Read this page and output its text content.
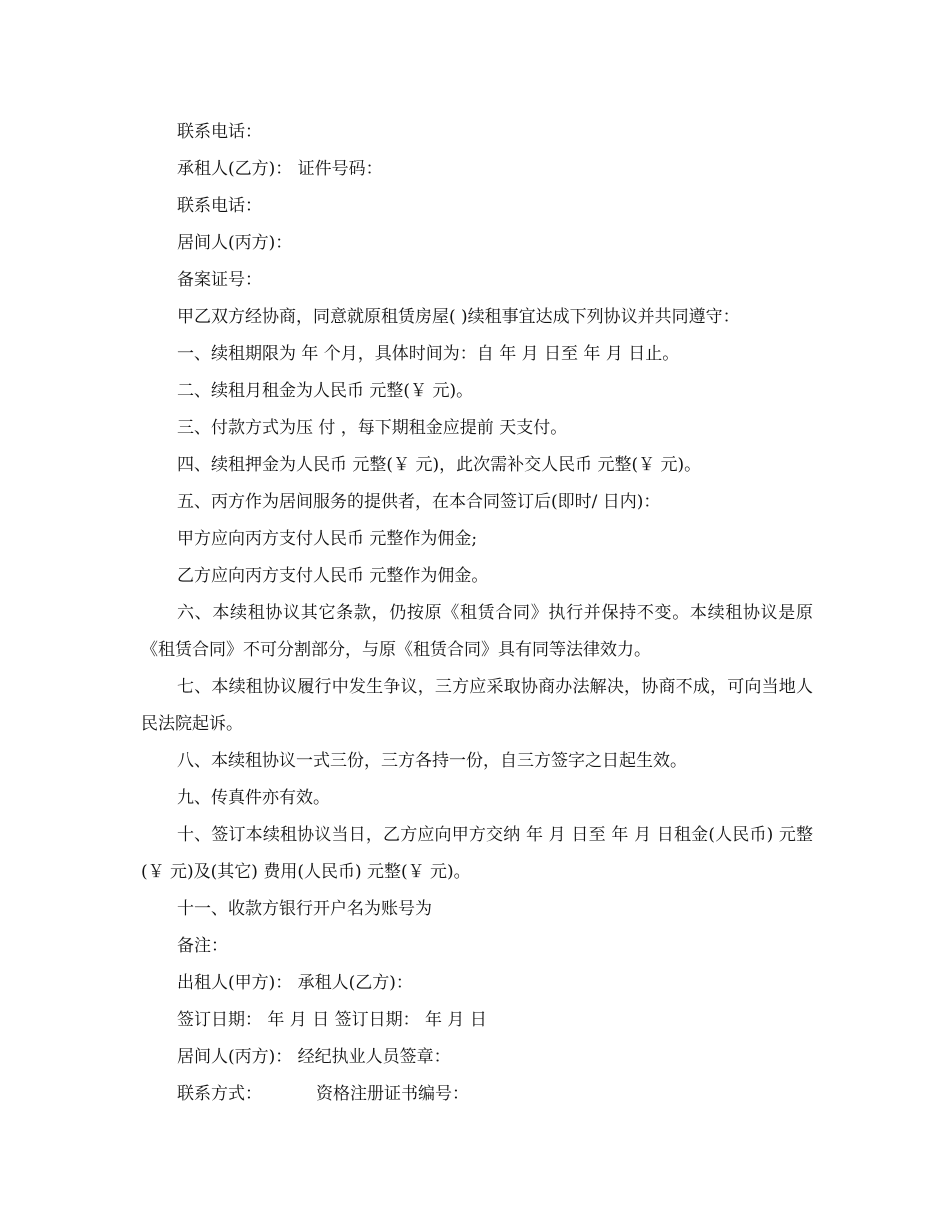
联系电话：

承租人(乙方)： 证件号码：

联系电话：

居间人(丙方)：

备案证号：

甲乙双方经协商，同意就原租赁房屋( )续租事宜达成下列协议并共同遵守：

一、续租期限为 年 个月，具体时间为：自 年 月 日至 年 月 日止。

二、续租月租金为人民币 元整(￥ 元)。

三、付款方式为压 付 ，每下期租金应提前 天支付。

四、续租押金为人民币 元整(￥ 元)，此次需补交人民币 元整(￥ 元)。

五、丙方作为居间服务的提供者，在本合同签订后(即时/ 日内)：

甲方应向丙方支付人民币 元整作为佣金;

乙方应向丙方支付人民币 元整作为佣金。

六、本续租协议其它条款，仍按原《租赁合同》执行并保持不变。本续租协议是原《租赁合同》不可分割部分，与原《租赁合同》具有同等法律效力。

七、本续租协议履行中发生争议，三方应采取协商办法解决，协商不成，可向当地人民法院起诉。

八、本续租协议一式三份，三方各持一份，自三方签字之日起生效。

九、传真件亦有效。

十、签订本续租协议当日，乙方应向甲方交纳 年 月 日至 年 月 日租金(人民币) 元整(￥ 元)及(其它) 费用(人民币) 元整(￥ 元)。

十一、收款方银行开户名为账号为

备注：

出租人(甲方)： 承租人(乙方)：

签订日期： 年 月 日 签订日期： 年 月 日

居间人(丙方)： 经纪执业人员签章：

联系方式：          资格注册证书编号：
